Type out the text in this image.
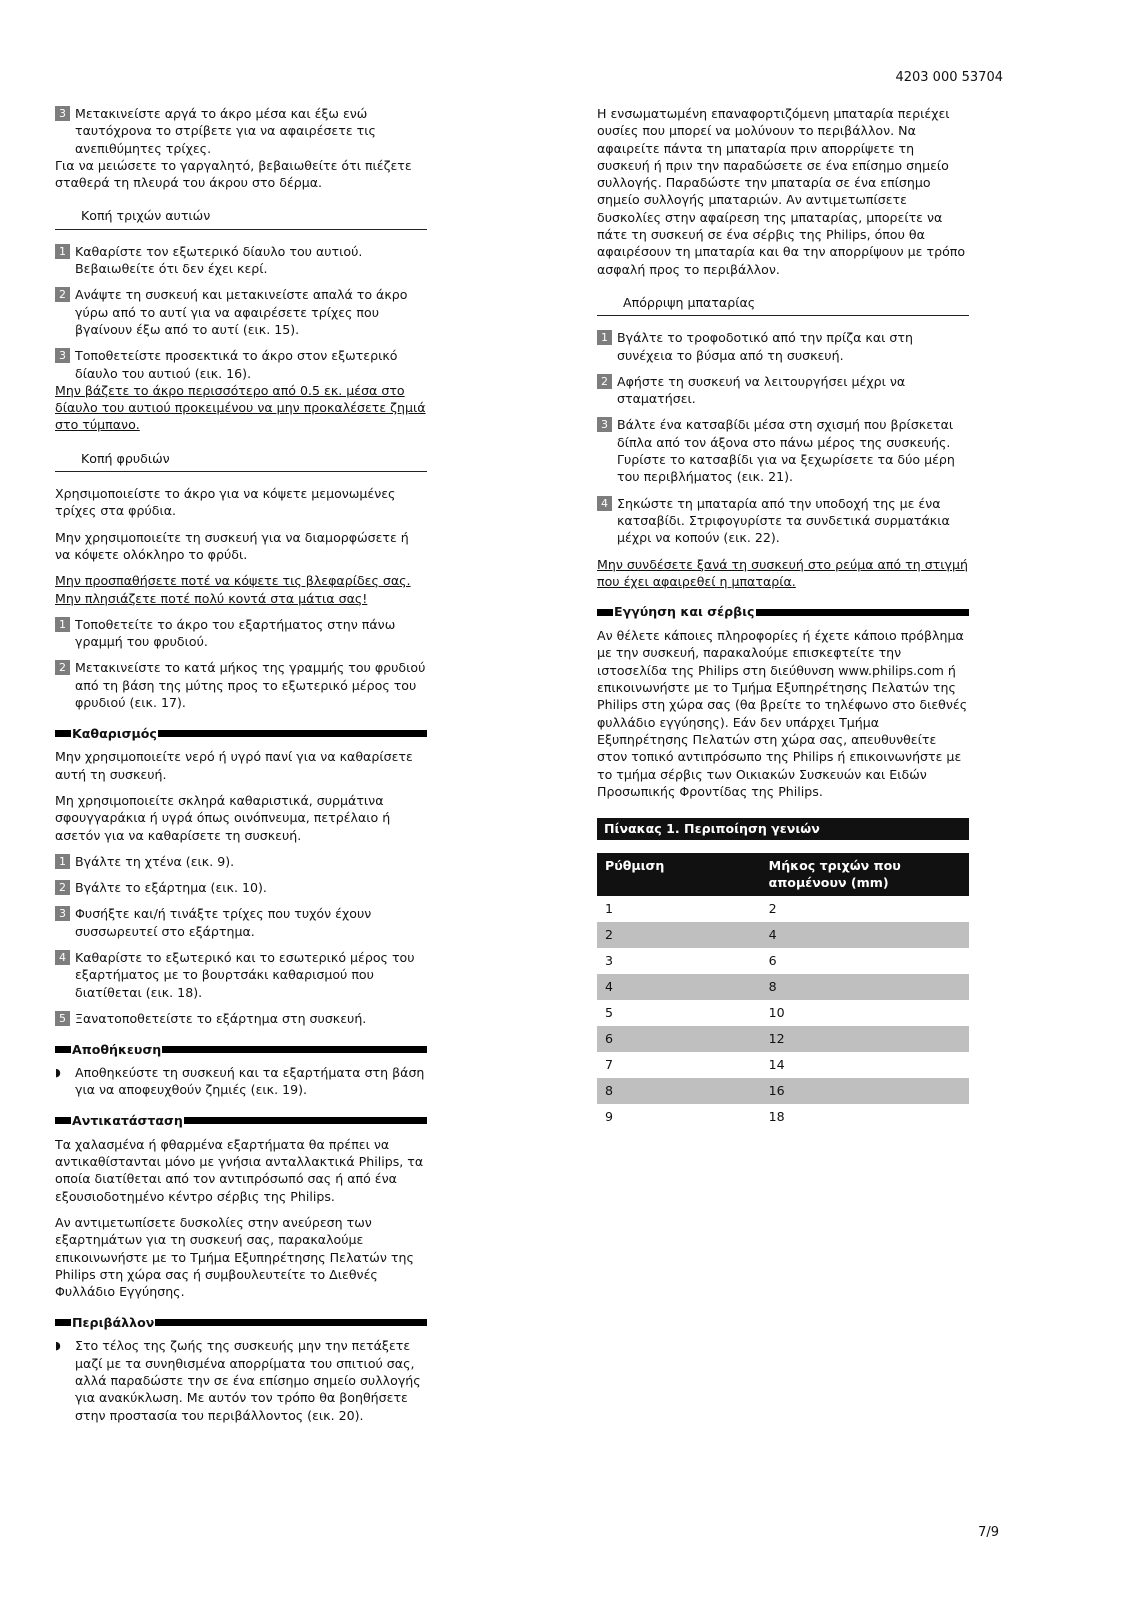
4203 000 53704
3 Μετακινείστε αργά το άκρο μέσα και έξω ενώ ταυτόχρονα το στρίβετε για να αφαιρέσετε τις ανεπιθύμητες τρίχες.

Για να μειώσετε το γαργαλητό, βεβαιωθείτε ότι πιέζετε σταθερά τη πλευρά του άκρου στο δέρμα.

Κοπή τριχών αυτιών
1 Καθαρίστε τον εξωτερικό δίαυλο του αυτιού. Βεβαιωθείτε ότι δεν έχει κερί.
2 Ανάψτε τη συσκευή και μετακινείστε απαλά το άκρο γύρω από το αυτί για να αφαιρέσετε τρίχες που βγαίνουν έξω από το αυτί (εικ. 15).
3 Τοποθετείστε προσεκτικά το άκρο στον εξωτερικό δίαυλο του αυτιού (εικ. 16).

Μην βάζετε το άκρο περισσότερο από 0.5 εκ. μέσα στο δίαυλο του αυτιού προκειμένου να μην προκαλέσετε ζημιά στο τύμπανο.

Κοπή φρυδιών

Χρησιμοποιείστε το άκρο για να κόψετε μεμονωμένες τρίχες στα φρύδια.

Μην χρησιμοποιείτε τη συσκευή για να διαμορφώσετε ή να κόψετε ολόκληρο το φρύδι.

Μην προσπαθήσετε ποτέ να κόψετε τις βλεφαρίδες σας. Μην πλησιάζετε ποτέ πολύ κοντά στα μάτια σας!

1 Τοποθετείτε το άκρο του εξαρτήματος στην πάνω γραμμή του φρυδιού.
2 Μετακινείστε το κατά μήκος της γραμμής του φρυδιού από τη βάση της μύτης προς το εξωτερικό μέρος του φρυδιού (εικ. 17).
Καθαρισμός

Μην χρησιμοποιείτε νερό ή υγρό πανί για να καθαρίσετε αυτή τη συσκευή.

Μη χρησιμοποιείτε σκληρά καθαριστικά, συρμάτινα σφουγγαράκια ή υγρά όπως οινόπνευμα, πετρέλαιο ή ασετόν για να καθαρίσετε τη συσκευή.

1 Βγάλτε τη χτένα (εικ. 9).
2 Βγάλτε το εξάρτημα (εικ. 10).
3 Φυσήξτε και/ή τινάξτε τρίχες που τυχόν έχουν συσσωρευτεί στο εξάρτημα.
4 Καθαρίστε το εξωτερικό και το εσωτερικό μέρος του εξαρτήματος με το βουρτσάκι καθαρισμού που διατίθεται (εικ. 18).
5 Ξανατοποθετείστε το εξάρτημα στη συσκευή.
Αποθήκευση
◗ Αποθηκεύστε τη συσκευή και τα εξαρτήματα στη βάση για να αποφευχθούν ζημιές (εικ. 19).
Αντικατάσταση

Τα χαλασμένα ή φθαρμένα εξαρτήματα θα πρέπει να αντικαθίστανται μόνο με γνήσια ανταλλακτικά Philips, τα οποία διατίθεται από τον αντιπρόσωπό σας ή από ένα εξουσιοδοτημένο κέντρο σέρβις της Philips.

Αν αντιμετωπίσετε δυσκολίες στην ανεύρεση των εξαρτημάτων για τη συσκευή σας, παρακαλούμε επικοινωνήστε με το Τμήμα Εξυπηρέτησης Πελατών της Philips στη χώρα σας ή συμβουλευτείτε το Διεθνές Φυλλάδιο Εγγύησης.

Περιβάλλον
◗ Στο τέλος της ζωής της συσκευής μην την πετάξετε μαζί με τα συνηθισμένα απορρίματα του σπιτιού σας, αλλά παραδώστε την σε ένα επίσημο σημείο συλλογής για ανακύκλωση. Με αυτόν τον τρόπο θα βοηθήσετε στην προστασία του περιβάλλοντος (εικ. 20).

Η ενσωματωμένη επαναφορτιζόμενη μπαταρία περιέχει ουσίες που μπορεί να μολύνουν το περιβάλλον. Να αφαιρείτε πάντα τη μπαταρία πριν απορρίψετε τη συσκευή ή πριν την παραδώσετε σε ένα επίσημο σημείο συλλογής. Παραδώστε την μπαταρία σε ένα επίσημο σημείο συλλογής μπαταριών. Αν αντιμετωπίσετε δυσκολίες στην αφαίρεση της μπαταρίας, μπορείτε να πάτε τη συσκευή σε ένα σέρβις της Philips, όπου θα αφαιρέσουν τη μπαταρία και θα την απορρίψουν με τρόπο ασφαλή προς το περιβάλλον.

Απόρριψη μπαταρίας
1 Βγάλτε το τροφοδοτικό από την πρίζα και στη συνέχεια το βύσμα από τη συσκευή.
2 Αφήστε τη συσκευή να λειτουργήσει μέχρι να σταματήσει.
3 Βάλτε ένα κατσαβίδι μέσα στη σχισμή που βρίσκεται δίπλα από τον άξονα στο πάνω μέρος της συσκευής. Γυρίστε το κατσαβίδι για να ξεχωρίσετε τα δύο μέρη του περιβλήματος (εικ. 21).
4 Σηκώστε τη μπαταρία από την υποδοχή της με ένα κατσαβίδι. Στριφογυρίστε τα συνδετικά συρματάκια μέχρι να κοπούν (εικ. 22).

Μην συνδέσετε ξανά τη συσκευή στο ρεύμα από τη στιγμή που έχει αφαιρεθεί η μπαταρία.

Εγγύηση και σέρβις

Αν θέλετε κάποιες πληροφορίες ή έχετε κάποιο πρόβλημα με την συσκευή, παρακαλούμε επισκεφτείτε την ιστοσελίδα της Philips στη διεύθυνση www.philips.com ή επικοινωνήστε με το Τμήμα Εξυπηρέτησης Πελατών της Philips στη χώρα σας (θα βρείτε το τηλέφωνο στο διεθνές φυλλάδιο εγγύησης). Εάν δεν υπάρχει Τμήμα Εξυπηρέτησης Πελατών στη χώρα σας, απευθυνθείτε στον τοπικό αντιπρόσωπο της Philips ή επικοινωνήστε με το τμήμα σέρβις των Οικιακών Συσκευών και Ειδών Προσωπικής Φροντίδας της Philips.

Πίνακας 1. Περιποίηση γενιών
Ρύθμιση	Μήκος τριχών που απομένουν (mm)
1	2
2	4
3	6
4	8
5	10
6	12
7	14
8	16
9	18
7/9
